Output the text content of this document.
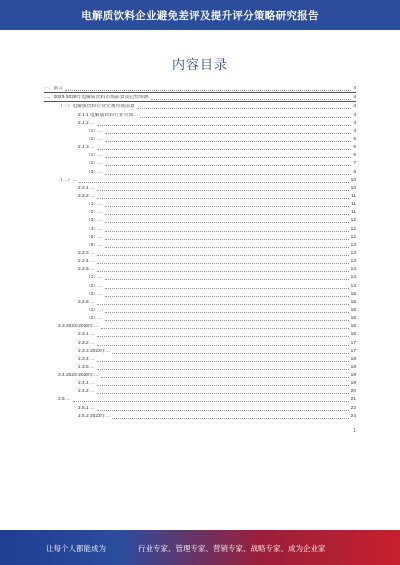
电解质饮料企业避免差评及提升评分策略研究报告
内容目录
一、前言	4
二、2023-2028年电解质饮料市场前景及趋势预测	4
（一）电解质饮料行业宏观市场前景	4
2.1.1 电解质饮料行业市场…	4
2.1.2 …	4
（1）…	4
（2）…	5
2.1.3 …	6
（1）…	6
（2）…	7
（3）…	8
（二）…	10
2.2.1 …	10
2.2.2 …	11
（1）…	11
（2）…	11
（3）…	12
（4）…	12
（5）…	12
（6）…	13
2.2.3 …	13
2.2.4 …	13
2.2.5 …	14
（1）…	14
（2）…	14
（3）…	15
2.2.6 …	15
（1）…	16
（2）…	16
2.3 2023-2028年…	16
2.3.1 …	16
2.3.2 …	17
2.3.3 2023年…	17
2.3.4 …	18
2.3.5 …	18
2.4 2023-2028年…	19
2.4.1 …	19
2.4.2 …	20
2.5 …	21
2.5.1 …	22
2.5.2 2023年…	24
1
让每个人都能成为	行业专家、管理专家、营销专家、战略专家、成为企业家
